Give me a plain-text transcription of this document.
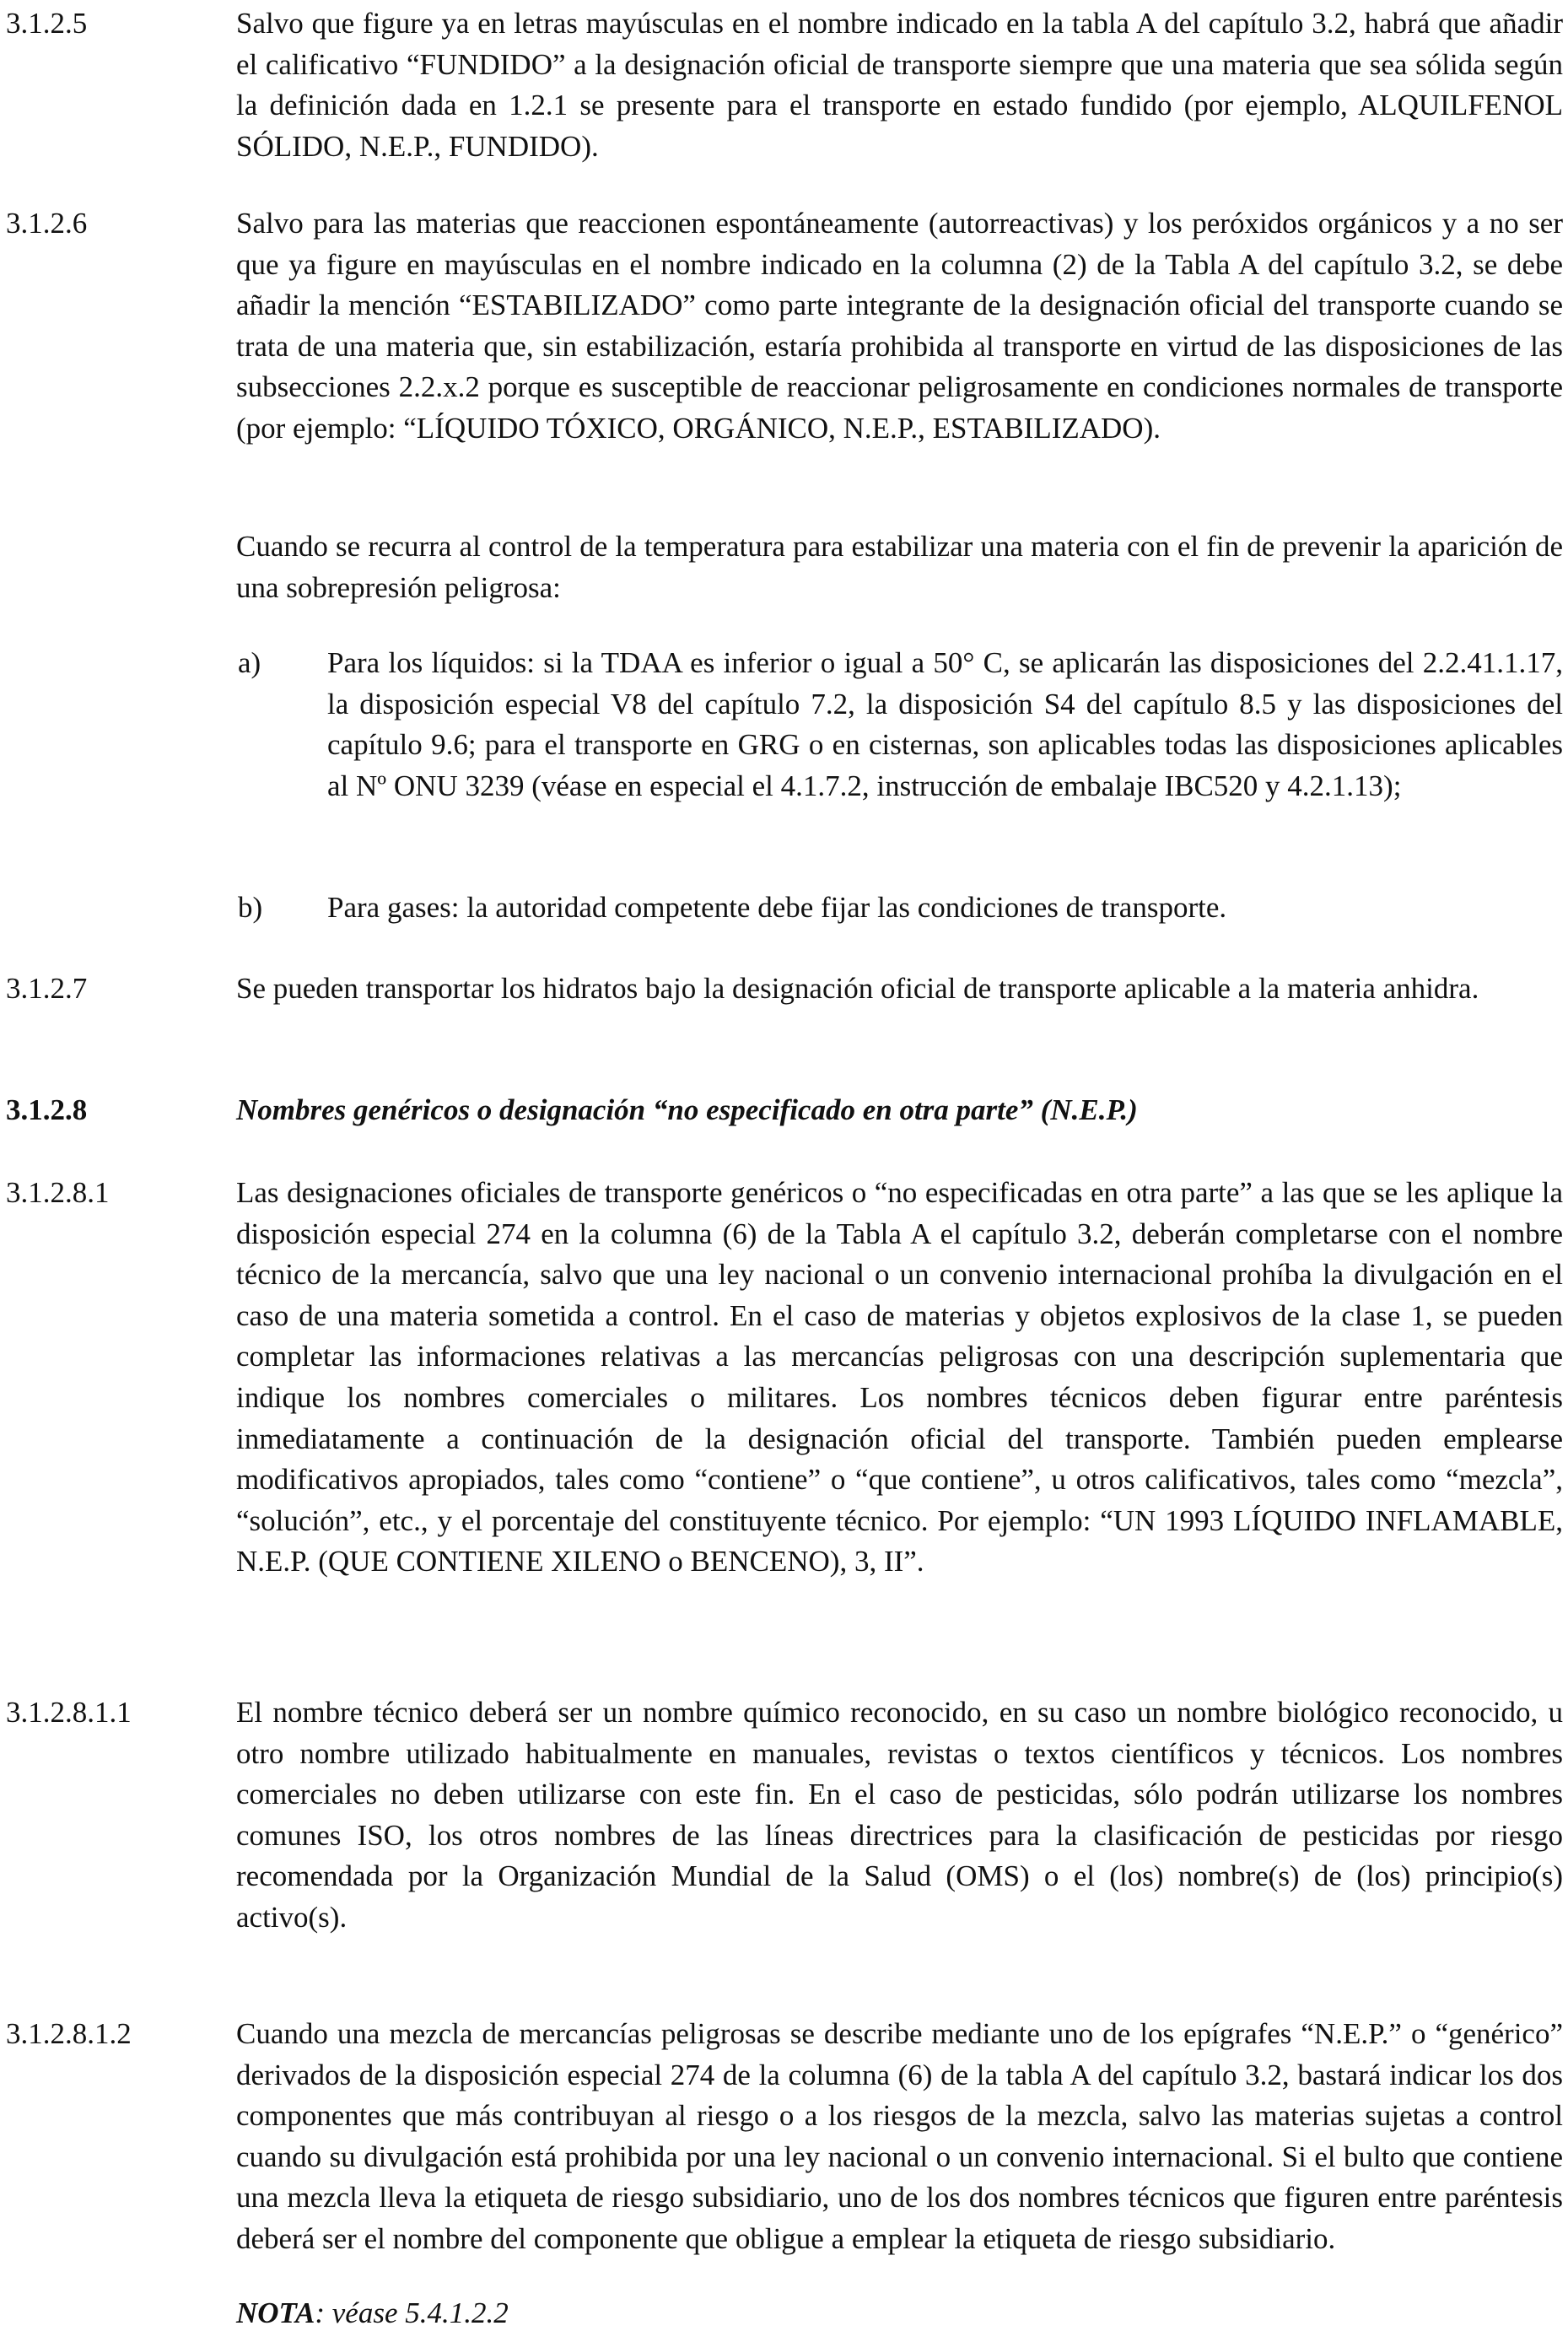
3.1.2.5	Salvo que figure ya en letras mayúsculas en el nombre indicado en la tabla A del capítulo 3.2, habrá que añadir el calificativo “FUNDIDO” a la designación oficial de transporte siempre que una materia que sea sólida según la definición dada en 1.2.1 se presente para el transporte en estado fundido (por ejemplo, ALQUILFENOL SÓLIDO, N.E.P., FUNDIDO).

3.1.2.6	Salvo para las materias que reaccionen espontáneamente (autorreactivas) y los peróxidos orgánicos y a no ser que ya figure en mayúsculas en el nombre indicado en la columna (2) de la Tabla A del capítulo 3.2, se debe añadir la mención “ESTABILIZADO” como parte integrante de la designación oficial del transporte cuando se trata de una materia que, sin estabilización, estaría prohibida al transporte en virtud de las disposiciones de las subsecciones 2.2.x.2 porque es susceptible de reaccionar peligrosamente en condiciones normales de transporte (por ejemplo: “LÍQUIDO TÓXICO, ORGÁNICO, N.E.P., ESTABILIZADO).

Cuando se recurra al control de la temperatura para estabilizar una materia con el fin de prevenir la aparición de una sobrepresión peligrosa:

a) Para los líquidos: si la TDAA es inferior o igual a 50° C, se aplicarán las disposiciones del 2.2.41.1.17, la disposición especial V8 del capítulo 7.2, la disposición S4 del capítulo 8.5 y las disposiciones del capítulo 9.6; para el transporte en GRG o en cisternas, son aplicables todas las disposiciones aplicables al Nº ONU 3239 (véase en especial el 4.1.7.2, instrucción de embalaje IBC520 y 4.2.1.13);

b) Para gases: la autoridad competente debe fijar las condiciones de transporte.

3.1.2.7	Se pueden transportar los hidratos bajo la designación oficial de transporte aplicable a la materia anhidra.

3.1.2.8	Nombres genéricos o designación “no especificado en otra parte” (N.E.P.)

3.1.2.8.1	Las designaciones oficiales de transporte genéricos o “no especificadas en otra parte” a las que se les aplique la disposición especial 274 en la columna (6) de la Tabla A el capítulo 3.2, deberán completarse con el nombre técnico de la mercancía, salvo que una ley nacional o un convenio internacional prohíba la divulgación en el caso de una materia sometida a control. En el caso de materias y objetos explosivos de la clase 1, se pueden completar las informaciones relativas a las mercancías peligrosas con una descripción suplementaria que indique los nombres comerciales o militares. Los nombres técnicos deben figurar entre paréntesis inmediatamente a continuación de la designación oficial del transporte. También pueden emplearse modificativos apropiados, tales como “contiene” o “que contiene”, u otros calificativos, tales como “mezcla”, “solución”, etc., y el porcentaje del constituyente técnico. Por ejemplo: “UN 1993 LÍQUIDO INFLAMABLE, N.E.P. (QUE CONTIENE XILENO o BENCENO), 3, II”.

3.1.2.8.1.1	El nombre técnico deberá ser un nombre químico reconocido, en su caso un nombre biológico reconocido, u otro nombre utilizado habitualmente en manuales, revistas o textos científicos y técnicos. Los nombres comerciales no deben utilizarse con este fin. En el caso de pesticidas, sólo podrán utilizarse los nombres comunes ISO, los otros nombres de las líneas directrices para la clasificación de pesticidas por riesgo recomendada por la Organización Mundial de la Salud (OMS) o el (los) nombre(s) de (los) principio(s) activo(s).

3.1.2.8.1.2	Cuando una mezcla de mercancías peligrosas se describe mediante uno de los epígrafes “N.E.P.” o “genérico” derivados de la disposición especial 274 de la columna (6) de la tabla A del capítulo 3.2, bastará indicar los dos componentes que más contribuyan al riesgo o a los riesgos de la mezcla, salvo las materias sujetas a control cuando su divulgación está prohibida por una ley nacional o un convenio internacional. Si el bulto que contiene una mezcla lleva la etiqueta de riesgo subsidiario, uno de los dos nombres técnicos que figuren entre paréntesis deberá ser el nombre del componente que obligue a emplear la etiqueta de riesgo subsidiario.

NOTA: véase 5.4.1.2.2
